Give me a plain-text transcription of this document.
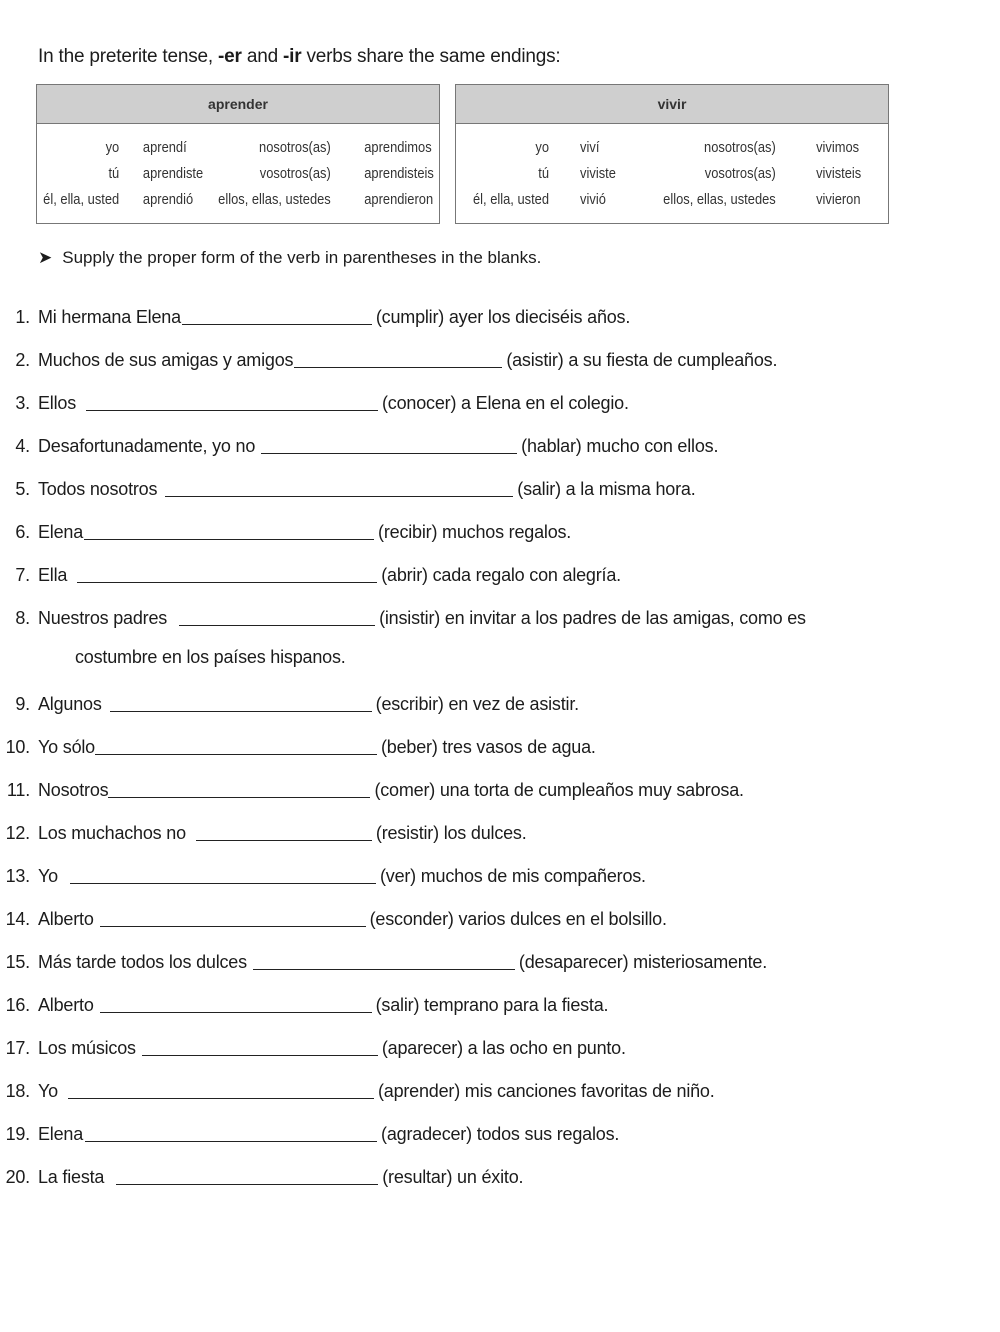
In the preterite tense, -er and -ir verbs share the same endings:
aprender
yo	aprendí	nosotros(as)	aprendimos
tú	aprendiste	vosotros(as)	aprendisteis
él, ella, usted	aprendió	ellos, ellas, ustedes	aprendieron
vivir
yo	viví	nosotros(as)	vivimos
tú	viviste	vosotros(as)	vivisteis
él, ella, usted	vivió	ellos, ellas, ustedes	vivieron
➤ Supply the proper form of the verb in parentheses in the blanks.
1. Mi hermana Elena	(cumplir) ayer los dieciséis años.
2. Muchos de sus amigas y amigos	(asistir) a su fiesta de cumpleaños.
3. Ellos	(conocer) a Elena en el colegio.
4. Desafortunadamente, yo no	(hablar) mucho con ellos.
5. Todos nosotros	(salir) a la misma hora.
6. Elena	(recibir) muchos regalos.
7. Ella	(abrir) cada regalo con alegría.
8. Nuestros padres	(insistir) en invitar a los padres de las amigas, como es
costumbre en los países hispanos.
9. Algunos	(escribir) en vez de asistir.
10. Yo sólo	(beber) tres vasos de agua.
11. Nosotros	(comer) una torta de cumpleaños muy sabrosa.
12. Los muchachos no	(resistir) los dulces.
13. Yo	(ver) muchos de mis compañeros.
14. Alberto	(esconder) varios dulces en el bolsillo.
15. Más tarde todos los dulces	(desaparecer) misteriosamente.
16. Alberto	(salir) temprano para la fiesta.
17. Los músicos	(aparecer) a las ocho en punto.
18. Yo	(aprender) mis canciones favoritas de niño.
19. Elena	(agradecer) todos sus regalos.
20. La fiesta	(resultar) un éxito.
